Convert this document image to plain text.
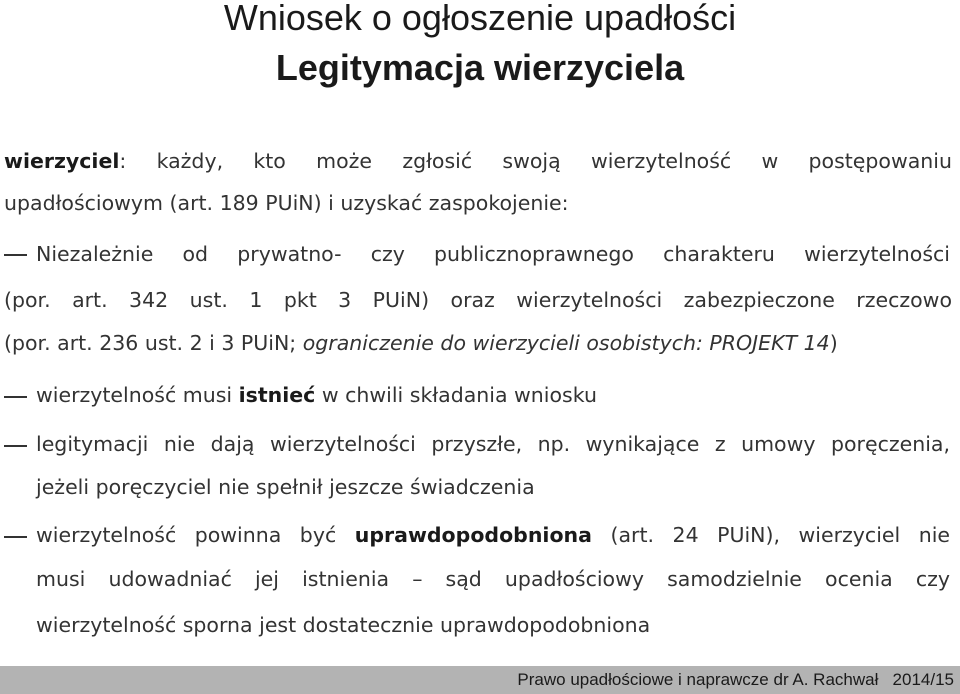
Wniosek o ogłoszenie upadłości
Legitymacja wierzyciela
wierzyciel: każdy, kto może zgłosić swoją wierzytelność w postępowaniu
upadłościowym (art. 189 PUiN) i uzyskać zaspokojenie:
Niezależnie od prywatno- czy publicznoprawnego charakteru wierzytelności
(por. art. 342 ust. 1 pkt 3 PUiN) oraz wierzytelności zabezpieczone rzeczowo
(por. art. 236 ust. 2 i 3 PUiN; ograniczenie do wierzycieli osobistych: PROJEKT 14)
wierzytelność musi istnieć w chwili składania wniosku
legitymacji nie dają wierzytelności przyszłe, np. wynikające z umowy poręczenia,
jeżeli poręczyciel nie spełnił jeszcze świadczenia
wierzytelność powinna być uprawdopodobniona (art. 24 PUiN), wierzyciel nie
musi udowadniać jej istnienia – sąd upadłościowy samodzielnie ocenia czy
wierzytelność sporna jest dostatecznie uprawdopodobniona
Prawo upadłościowe i naprawcze dr A. Rachwał 2014/15
